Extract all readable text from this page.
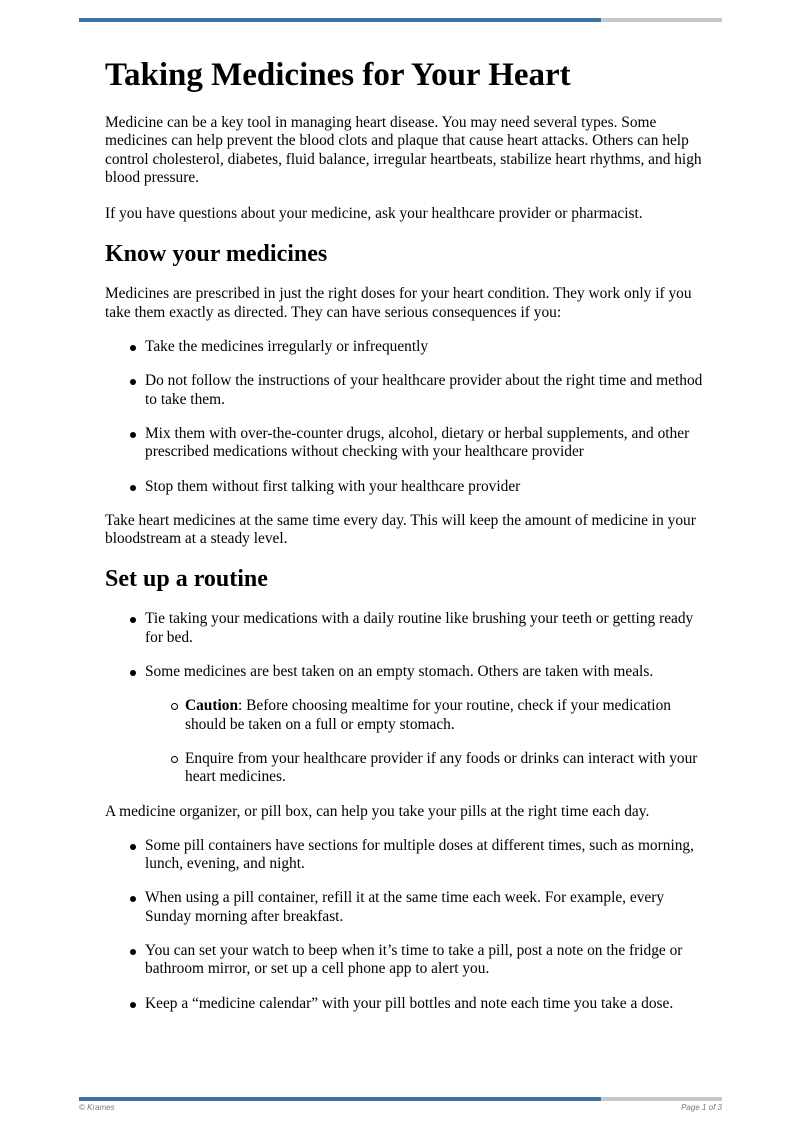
Taking Medicines for Your Heart

Medicine can be a key tool in managing heart disease. You may need several types. Some medicines can help prevent the blood clots and plaque that cause heart attacks. Others can help control cholesterol, diabetes, fluid balance, irregular heartbeats, stabilize heart rhythms, and high blood pressure.

If you have questions about your medicine, ask your healthcare provider or pharmacist.

Know your medicines

Medicines are prescribed in just the right doses for your heart condition. They work only if you take them exactly as directed. They can have serious consequences if you:

Take the medicines irregularly or infrequently
Do not follow the instructions of your healthcare provider about the right time and method to take them.
Mix them with over-the-counter drugs, alcohol, dietary or herbal supplements, and other prescribed medications without checking with your healthcare provider
Stop them without first talking with your healthcare provider

Take heart medicines at the same time every day. This will keep the amount of medicine in your bloodstream at a steady level.

Set up a routine
Tie taking your medications with a daily routine like brushing your teeth or getting ready for bed.
Some medicines are best taken on an empty stomach. Others are taken with meals.
Caution: Before choosing mealtime for your routine, check if your medication should be taken on a full or empty stomach.
Enquire from your healthcare provider if any foods or drinks can interact with your heart medicines.

A medicine organizer, or pill box, can help you take your pills at the right time each day.

Some pill containers have sections for multiple doses at different times, such as morning, lunch, evening, and night.
When using a pill container, refill it at the same time each week. For example, every Sunday morning after breakfast.
You can set your watch to beep when it’s time to take a pill, post a note on the fridge or bathroom mirror, or set up a cell phone app to alert you.
Keep a “medicine calendar” with your pill bottles and note each time you take a dose.
© Krames	Page 1 of 3
